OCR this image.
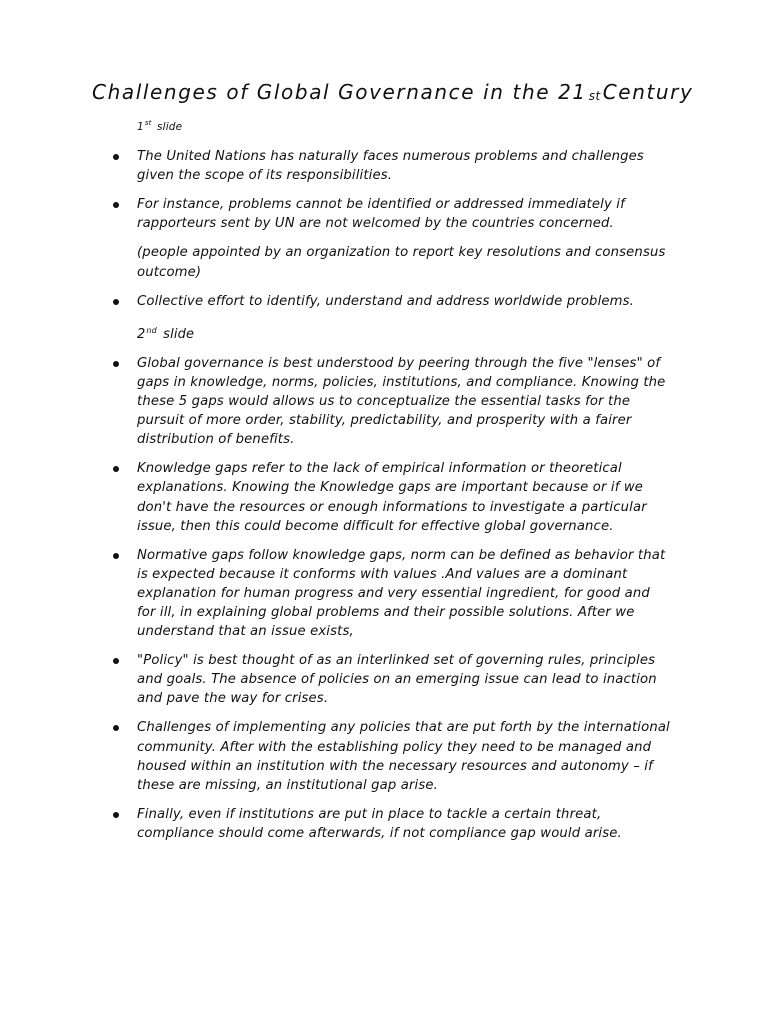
Challenges of Global Governance in the 21 $_{st}$ Century
1st slide
The United Nations has naturally faces numerous problems and challenges given the scope of its responsibilities.
For instance, problems cannot be identified or addressed immediately if rapporteurs sent by UN are not welcomed by the countries concerned.
(people appointed by an organization to report key resolutions and consensus outcome)
Collective effort to identify, understand and address worldwide problems.
2nd slide
Global governance is best understood by peering through the five "lenses" of gaps in knowledge, norms, policies, institutions, and compliance. Knowing the these 5 gaps would allows us to conceptualize the essential tasks for the pursuit of more order, stability, predictability, and prosperity with a fairer distribution of benefits.
Knowledge gaps refer to the lack of empirical information or theoretical explanations. Knowing the Knowledge gaps are important because or if we don't have the resources or enough informations to investigate a particular issue, then this could become difficult for effective global governance.
Normative gaps follow knowledge gaps, norm can be defined as behavior that is expected because it conforms with values .And values are a dominant explanation for human progress and very essential ingredient, for good and for ill, in explaining global problems and their possible solutions. After we understand that an issue exists,
"Policy" is best thought of as an interlinked set of governing rules, principles and goals. The absence of policies on an emerging issue can lead to inaction and pave the way for crises.
Challenges of implementing any policies that are put forth by the international community. After with the establishing policy they need to be managed and housed within an institution with the necessary resources and autonomy – if these are missing, an institutional gap arise.
Finally, even if institutions are put in place to tackle a certain threat, compliance should come afterwards, if not compliance gap would arise.
